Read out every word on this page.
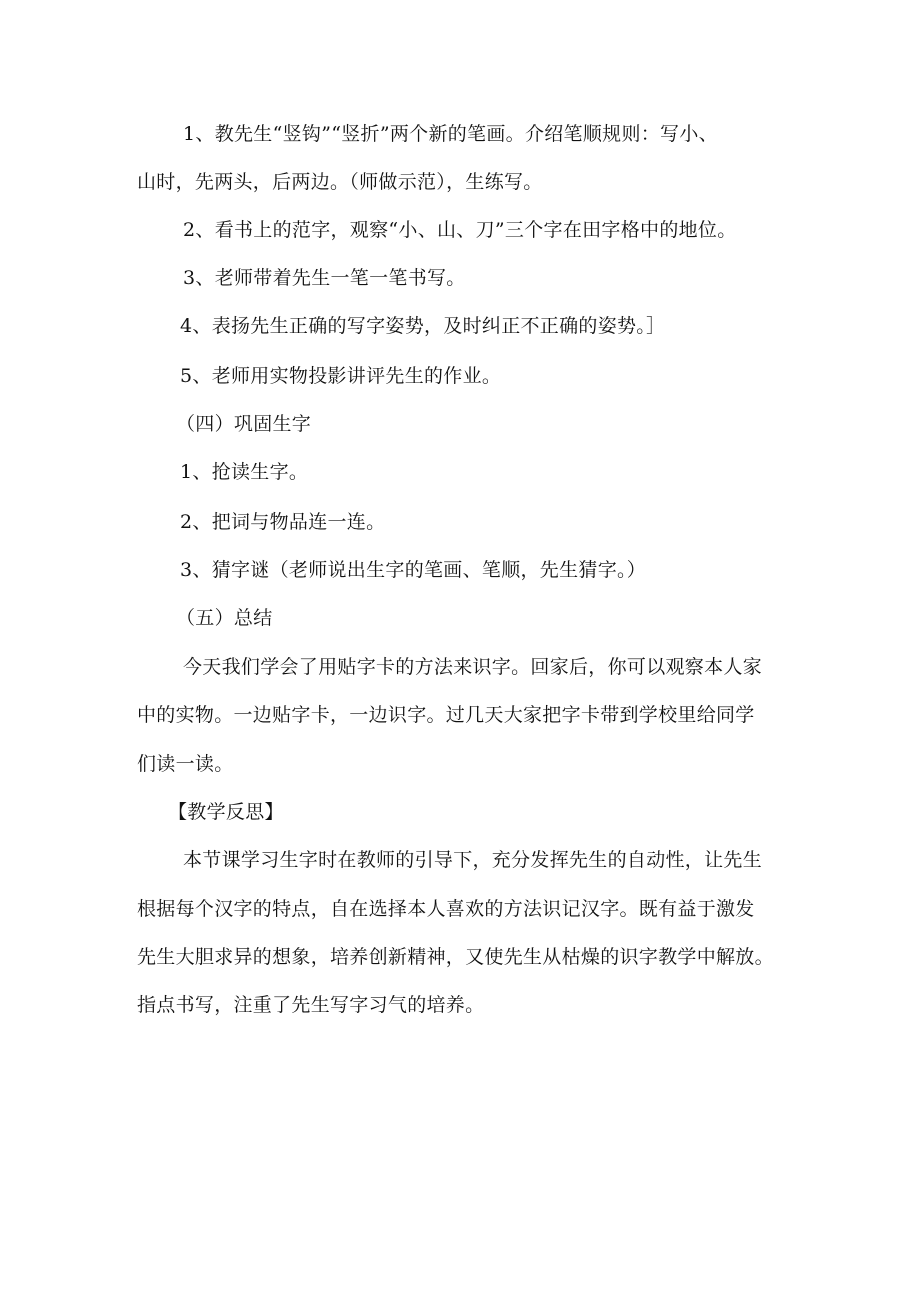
1、教先生“竖钩”“竖折”两个新的笔画。介绍笔顺规则：写小、
山时，先两头，后两边。（师做示范），生练写。
2、看书上的范字，观察“小、山、刀”三个字在田字格中的地位。
3、老师带着先生一笔一笔书写。
4、表扬先生正确的写字姿势，及时纠正不正确的姿势。］
5、老师用实物投影讲评先生的作业。
（四）巩固生字
1、抢读生字。
2、把词与物品连一连。
3、猜字谜（老师说出生字的笔画、笔顺，先生猜字。）
（五）总结
今天我们学会了用贴字卡的方法来识字。回家后，你可以观察本人家
中的实物。一边贴字卡，一边识字。过几天大家把字卡带到学校里给同学
们读一读。
【教学反思】
本节课学习生字时在教师的引导下，充分发挥先生的自动性，让先生
根据每个汉字的特点，自在选择本人喜欢的方法识记汉字。既有益于激发
先生大胆求异的想象，培养创新精神，又使先生从枯燥的识字教学中解放。
指点书写，注重了先生写字习气的培养。
